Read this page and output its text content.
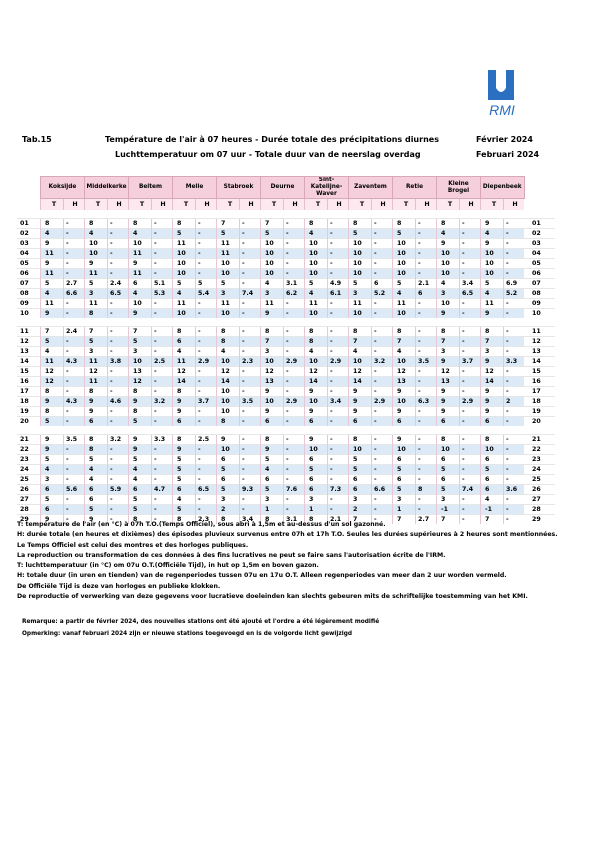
RMI
Tab.15	Température de l'air à 07 heures - Durée totale des précipitations diurnes
Luchttemperatuur om 07 uur - Totale duur van de neerslag overdag
Février 2024
Februari 2024
	Koksijde		Middelkerke		Beitem		Melle		Stabroek		Deurne		Sint-Katelijne-Waver		Zaventem		Retie		Kleine Brogel		Diepenbeek		
	T	H	T	H	T	H	T	H	T	H	T	H	T	H	T	H	T	H	T	H	T	H	

01	8	-	8	-	8	-	8	-	7	-	7	-	8	-	8	-	8	-	8	-	9	-	01
02	4	-	4	-	4	-	5	-	5	-	5	-	4	-	5	-	5	-	4	-	4	-	02
03	9	-	10	-	10	-	11	-	11	-	10	-	10	-	10	-	10	-	9	-	9	-	03
04	11	-	10	-	11	-	10	-	11	-	10	-	10	-	10	-	10	-	10	-	10	-	04
05	9	-	9	-	9	-	10	-	10	-	10	-	10	-	10	-	10	-	10	-	10	-	05
06	11	-	11	-	11	-	10	-	10	-	10	-	10	-	10	-	10	-	10	-	10	-	06
07	5	2.7	5	2.4	6	5.1	5	5	5	-	4	3.1	5	4.9	5	6	5	2.1	4	3.4	5	6.9	07
08	4	6.6	3	6.5	4	5.3	4	5.4	3	7.4	3	6.2	4	6.1	3	5.2	4	6	3	6.5	4	5.2	08
09	11	-	11	-	10	-	11	-	11	-	11	-	11	-	11	-	11	-	10	-	11	-	09
10	9	-	8	-	9	-	10	-	10	-	9	-	10	-	10	-	10	-	9	-	9	-	10

11	7	2.4	7	-	7	-	8	-	8	-	8	-	8	-	8	-	8	-	8	-	8	-	11
12	5	-	5	-	5	-	6	-	8	-	7	-	8	-	7	-	7	-	7	-	7	-	12
13	4	-	3	-	3	-	4	-	4	-	3	-	4	-	4	-	4	-	3	-	3	-	13
14	11	4.3	11	3.8	10	2.5	11	2.9	10	2.3	10	2.9	10	2.9	10	3.2	10	3.5	9	3.7	9	3.3	14
15	12	-	12	-	13	-	12	-	12	-	12	-	12	-	12	-	12	-	12	-	12	-	15
16	12	-	11	-	12	-	14	-	14	-	13	-	14	-	14	-	13	-	13	-	14	-	16
17	8	-	8	-	8	-	8	-	10	-	9	-	9	-	9	-	9	-	9	-	9	-	17
18	9	4.3	9	4.6	9	3.2	9	3.7	10	3.5	10	2.9	10	3.4	9	2.9	10	6.3	9	2.9	9	2	18
19	8	-	9	-	8	-	9	-	10	-	9	-	9	-	9	-	9	-	9	-	9	-	19
20	5	-	6	-	5	-	6	-	8	-	6	-	6	-	6	-	6	-	6	-	6	-	20

21	9	3.5	8	3.2	9	3.3	8	2.5	9	-	8	-	9	-	8	-	9	-	8	-	8	-	21
22	9	-	8	-	9	-	9	-	10	-	9	-	10	-	10	-	10	-	10	-	10	-	22
23	5	-	5	-	5	-	5	-	6	-	5	-	6	-	5	-	6	-	6	-	6	-	23
24	4	-	4	-	4	-	5	-	5	-	4	-	5	-	5	-	5	-	5	-	5	-	24
25	3	-	4	-	4	-	5	-	6	-	6	-	6	-	6	-	6	-	6	-	6	-	25
26	6	5.6	6	5.9	6	4.7	6	6.5	5	9.3	5	7.6	6	7.3	6	6.6	5	8	5	7.4	6	3.6	26
27	5	-	6	-	5	-	4	-	3	-	3	-	3	-	3	-	3	-	3	-	4	-	27
28	6	-	5	-	5	-	5	-	2	-	1	-	1	-	2	-	1	-	-1	-	-1	-	28
29	9	-	9	-	8	-	8	2.3	8	3.4	8	3.1	8	2.1	7	-	7	2.7	7	-	7	-	29
T: température de l'air (en °C) à 07h T.O.(Temps Officiel), sous abri à 1,5m et au-dessus d'un sol gazonné.
H: durée totale (en heures et dixièmes) des épisodes pluvieux survenus entre 07h et 17h T.O. Seules les durées supérieures à 2 heures sont mentionnées.
Le Temps Officiel est celui des montres et des horloges publiques.
La reproduction ou transformation de ces données à des fins lucratives ne peut se faire sans l'autorisation écrite de l'IRM.
T: luchttemperatuur (in °C) om 07u O.T.(Officiële Tijd), in hut op 1,5m en boven gazon.
H: totale duur (in uren en tienden) van de regenperiodes tussen 07u en 17u O.T. Alleen regenperiodes van meer dan 2 uur worden vermeld.
De Officiële Tijd is deze van horloges en publieke klokken.
De reproductie of verwerking van deze gegevens voor lucratieve doeleinden kan slechts gebeuren mits de schriftelijke toestemming van het KMI.
Remarque: a partir de février 2024, des nouvelles stations ont été ajouté et l'ordre a été légèrement modifié
Opmerking: vanaf februari 2024 zijn er nieuwe stations toegevoegd en is de volgorde licht gewijzigd
